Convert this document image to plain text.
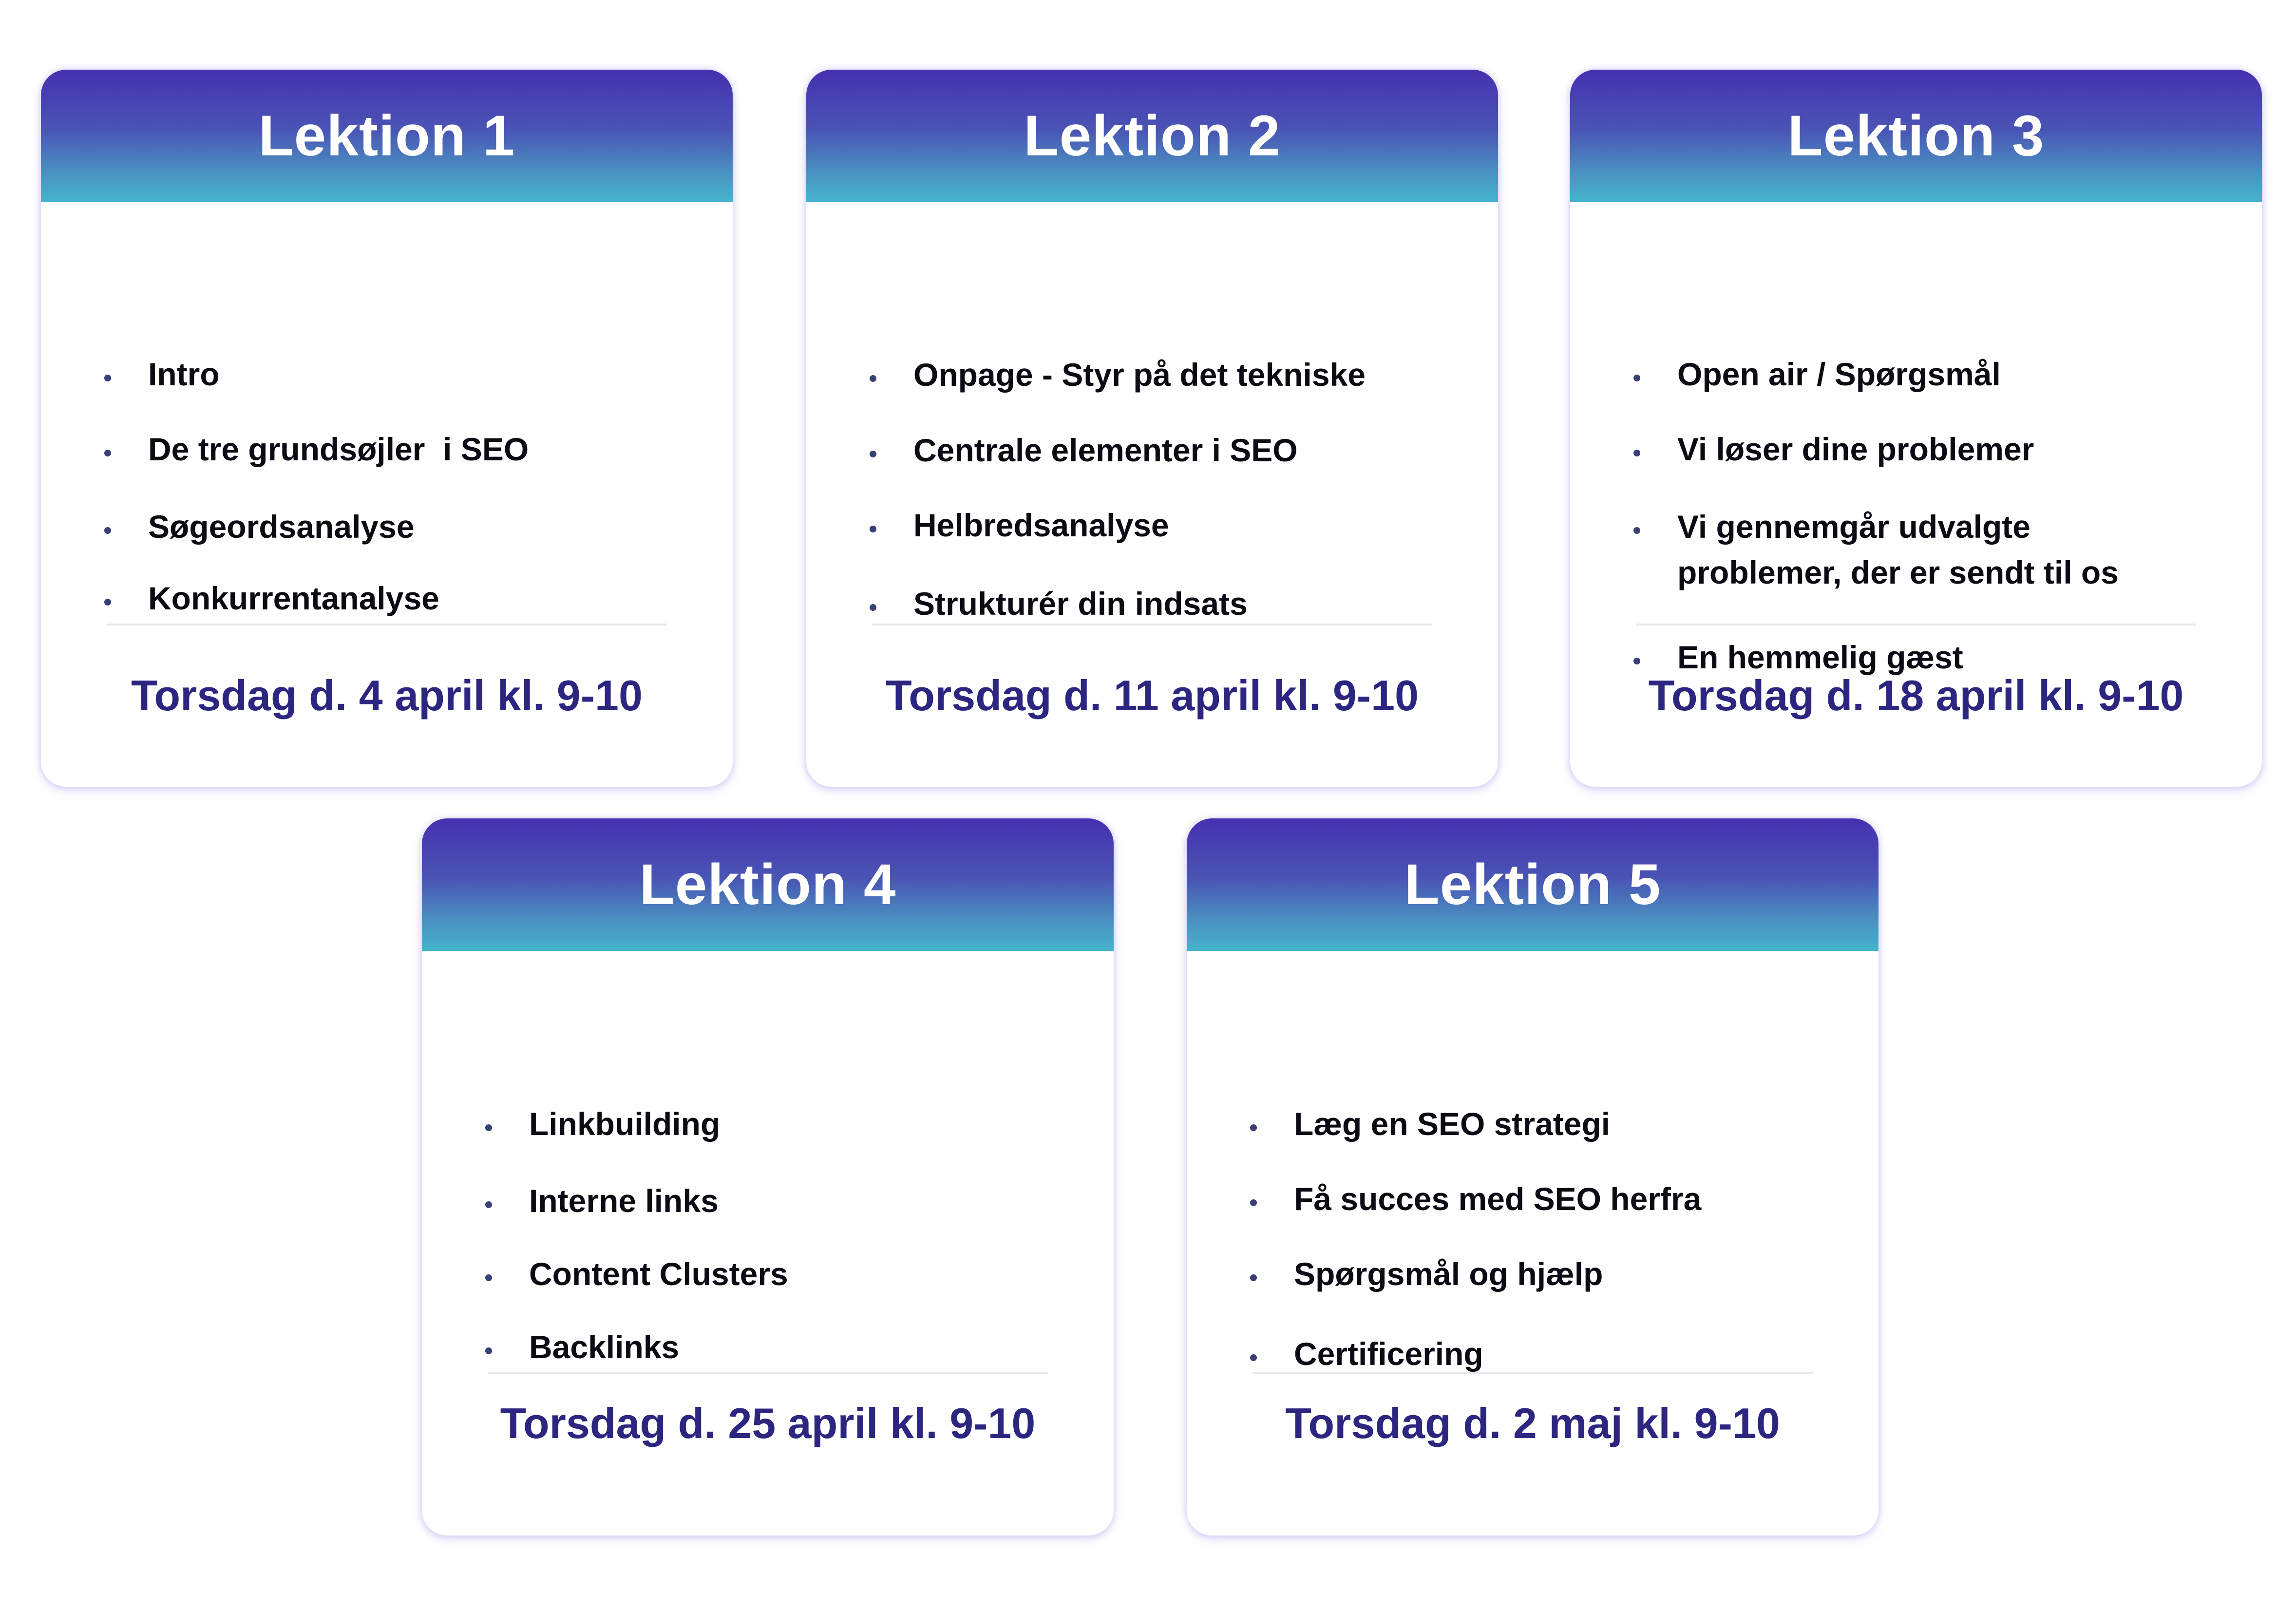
Lektion 1
Intro
De tre grundsøjler  i SEO
Søgeordsanalyse
Konkurrentanalyse
Torsdag d. 4 april kl. 9-10
Lektion 2
Onpage - Styr på det tekniske
Centrale elementer i SEO
Helbredsanalyse
Strukturér din indsats
Torsdag d. 11 april kl. 9-10
Lektion 3
Open air / Spørgsmål
Vi løser dine problemer
Vi gennemgår udvalgte
problemer, der er sendt til os
En hemmelig gæst
Torsdag d. 18 april kl. 9-10
Lektion 4
Linkbuilding
Interne links
Content Clusters
Backlinks
Torsdag d. 25 april kl. 9-10
Lektion 5
Læg en SEO strategi
Få succes med SEO herfra
Spørgsmål og hjælp
Certificering
Torsdag d. 2 maj kl. 9-10
